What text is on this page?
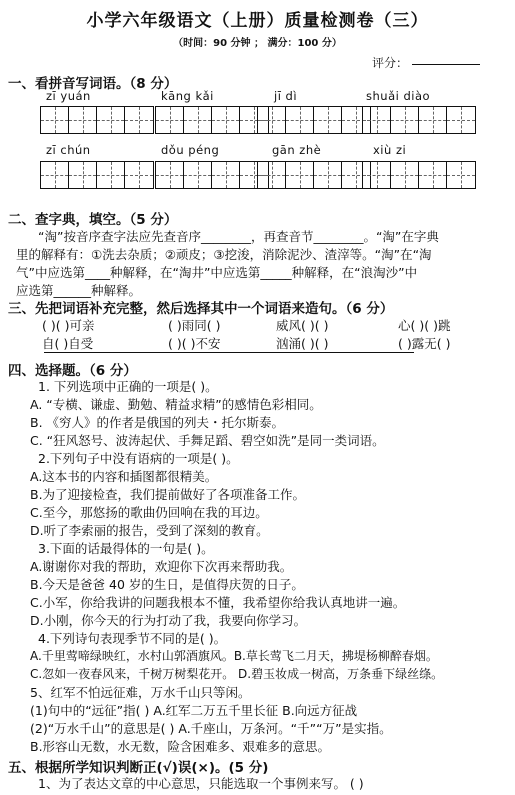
小学六年级语文（上册）质量检测卷（三）
（时间：90 分钟 ； 满分：100 分）
评分：
一、看拼音写词语。（8 分）
zī yuán	kāng kǎi	jī dì	shuǎi diào
zī chún	dǒu péng	gān zhè	xiù zi
二、查字典，填空。（5 分）
“淘”按音序查字法应先查音序________，再查音节________。“淘”在字典
里的解释有：①洗去杂质；②顽皮；③挖浚，消除泥沙、渣滓等。“淘”在“淘
气”中应选第____种解释，在“淘井”中应选第_____种解释，在“浪淘沙”中
应选第______种解释。
三、先把词语补充完整，然后选择其中一个词语来造句。（6 分）
( )( )可亲	( )雨同( )	威风( )( )	心( )( )跳
自( )自受	( )( )不安	汹涌( )( )	( )露无( )
四、选择题。（6 分）
1. 下列选项中正确的一项是( )。
A. “专横、谦虚、勤勉、精益求精”的感情色彩相同。
B. 《穷人》的作者是俄国的列夫・托尔斯泰。
C. “狂风怒号、波涛起伏、手舞足蹈、碧空如洗”是同一类词语。
2.下列句子中没有语病的一项是( )。
A.这本书的内容和插图都很精美。
B.为了迎接检查，我们提前做好了各项准备工作。
C.至今，那悠扬的歌曲仍回响在我的耳边。
D.听了李索丽的报告，受到了深刻的教育。
3.下面的话最得体的一句是( )。
A.谢谢你对我的帮助，欢迎你下次再来帮助我。
B.今天是爸爸 40 岁的生日，是值得庆贺的日子。
C.小军，你给我讲的问题我根本不懂，我希望你给我认真地讲一遍。
D.小刚，你今天的行为打动了我，我要向你学习。
4.下列诗句表现季节不同的是( )。
A.千里莺啼绿映红，水村山郭酒旗风。B.草长莺飞二月天，拂堤杨柳醉春烟。
C.忽如一夜春风来，千树万树梨花开。 D.碧玉妆成一树高，万条垂下绿丝绦。
5、红军不怕远征难，万水千山只等闲。
(1)句中的“远征”指( ) A.红军二万五千里长征 B.向远方征战
(2)“万水千山”的意思是( ) A.千座山，万条河。“千”“万”是实指。
B.形容山无数，水无数，险含困难多、艰难多的意思。
五、根据所学知识判断正(√)误(×)。(5 分)
1、为了表达文章的中心意思，只能选取一个事例来写。 ( )
